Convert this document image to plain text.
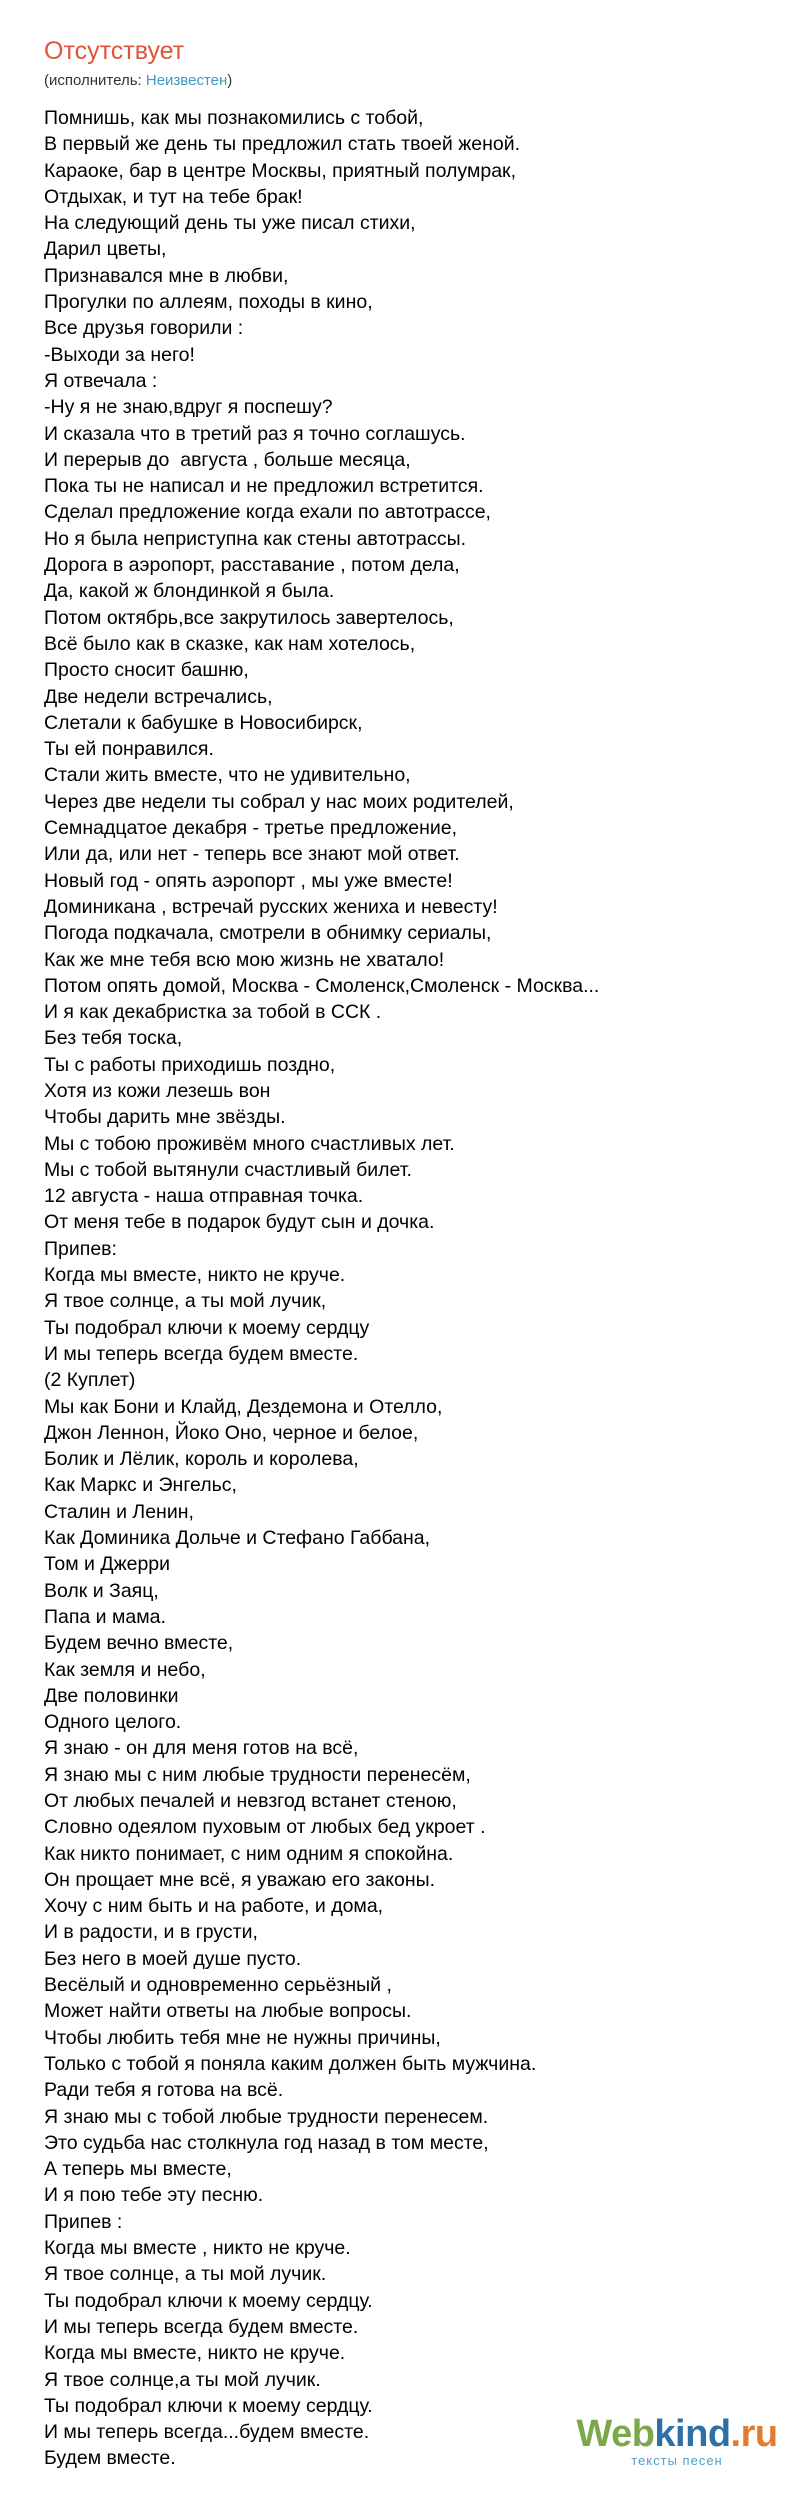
Отсутствует
(исполнитель: Неизвестен)
Помнишь, как мы познакомились с тобой,
В первый же день ты предложил стать твоей женой.
Караоке, бар в центре Москвы, приятный полумрак,
Отдыхак, и тут на тебе брак!
На следующий день ты уже писал стихи,
Дарил цветы,
Признавался мне в любви,
Прогулки по аллеям, походы в кино,
Все друзья говорили :
-Выходи за него!
Я отвечала :
-Ну я не знаю,вдруг я поспешу?
И сказала что в третий раз я точно соглашусь.
И перерыв до  августа , больше месяца,
Пока ты не написал и не предложил встретится.
Сделал предложение когда ехали по автотрассе,
Но я была неприступна как стены автотрассы.
Дорога в аэропорт, расставание , потом дела,
Да, какой ж блондинкой я была.
Потом октябрь,все закрутилось завертелось,
Всё было как в сказке, как нам хотелось,
Просто сносит башню,
Две недели встречались,
Слетали к бабушке в Новосибирск,
Ты ей понравился.
Стали жить вместе, что не удивительно,
Через две недели ты собрал у нас моих родителей,
Семнадцатое декабря - третье предложение,
Или да, или нет - теперь все знают мой ответ.
Новый год - опять аэропорт , мы уже вместе!
Доминикана , встречай русских жениха и невесту!
Погода подкачала, смотрели в обнимку сериалы,
Как же мне тебя всю мою жизнь не хватало!
Потом опять домой, Москва - Смоленск,Смоленск - Москва...
И я как декабристка за тобой в ССК .
Без тебя тоска,
Ты с работы приходишь поздно,
Хотя из кожи лезешь вон
Чтобы дарить мне звёзды.
Мы с тобою проживём много счастливых лет.
Мы с тобой вытянули счастливый билет.
12 августа - наша отправная точка.
От меня тебе в подарок будут сын и дочка.
Припев:
Когда мы вместе, никто не круче.
Я твое солнце, а ты мой лучик,
Ты подобрал ключи к моему сердцу
И мы теперь всегда будем вместе.
(2 Куплет)
Мы как Бони и Клайд, Дездемона и Отелло,
Джон Леннон, Йоко Оно, черное и белое,
Болик и Лёлик, король и королева,
Как Маркс и Энгельс,
Сталин и Ленин,
Как Доминика Дольче и Стефано Габбана,
Том и Джерри
Волк и Заяц,
Папа и мама.
Будем вечно вместе,
Как земля и небо,
Две половинки
Одного целого.
Я знаю - он для меня готов на всё,
Я знаю мы с ним любые трудности перенесём,
От любых печалей и невзгод встанет стеною,
Словно одеялом пуховым от любых бед укроет .
Как никто понимает, с ним одним я спокойна.
Он прощает мне всё, я уважаю его законы.
Хочу с ним быть и на работе, и дома,
И в радости, и в грусти,
Без него в моей душе пусто.
Весёлый и одновременно серьёзный ,
Может найти ответы на любые вопросы.
Чтобы любить тебя мне не нужны причины,
Только с тобой я поняла каким должен быть мужчина.
Ради тебя я готова на всё.
Я знаю мы с тобой любые трудности перенесем.
Это судьба нас столкнула год назад в том месте,
А теперь мы вместе,
И я пою тебе эту песню.
Припев :
Когда мы вместе , никто не круче.
Я твое солнце, а ты мой лучик.
Ты подобрал ключи к моему сердцу.
И мы теперь всегда будем вместе.
Когда мы вместе, никто не круче.
Я твое солнце,а ты мой лучик.
Ты подобрал ключи к моему сердцу.
И мы теперь всегда...будем вместе.
Будем вместе.
Webkind.ru
тексты песен
